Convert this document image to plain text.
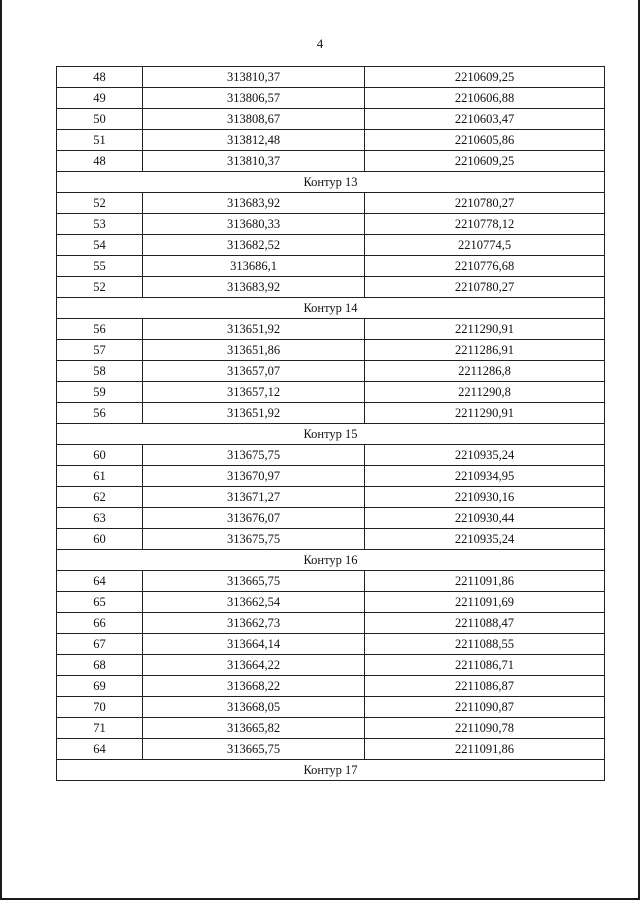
4
48	313810,37	2210609,25
49	313806,57	2210606,88
50	313808,67	2210603,47
51	313812,48	2210605,86
48	313810,37	2210609,25
Контур 13		
52	313683,92	2210780,27
53	313680,33	2210778,12
54	313682,52	2210774,5
55	313686,1	2210776,68
52	313683,92	2210780,27
Контур 14		
56	313651,92	2211290,91
57	313651,86	2211286,91
58	313657,07	2211286,8
59	313657,12	2211290,8
56	313651,92	2211290,91
Контур 15		
60	313675,75	2210935,24
61	313670,97	2210934,95
62	313671,27	2210930,16
63	313676,07	2210930,44
60	313675,75	2210935,24
Контур 16		
64	313665,75	2211091,86
65	313662,54	2211091,69
66	313662,73	2211088,47
67	313664,14	2211088,55
68	313664,22	2211086,71
69	313668,22	2211086,87
70	313668,05	2211090,87
71	313665,82	2211090,78
64	313665,75	2211091,86
Контур 17		
